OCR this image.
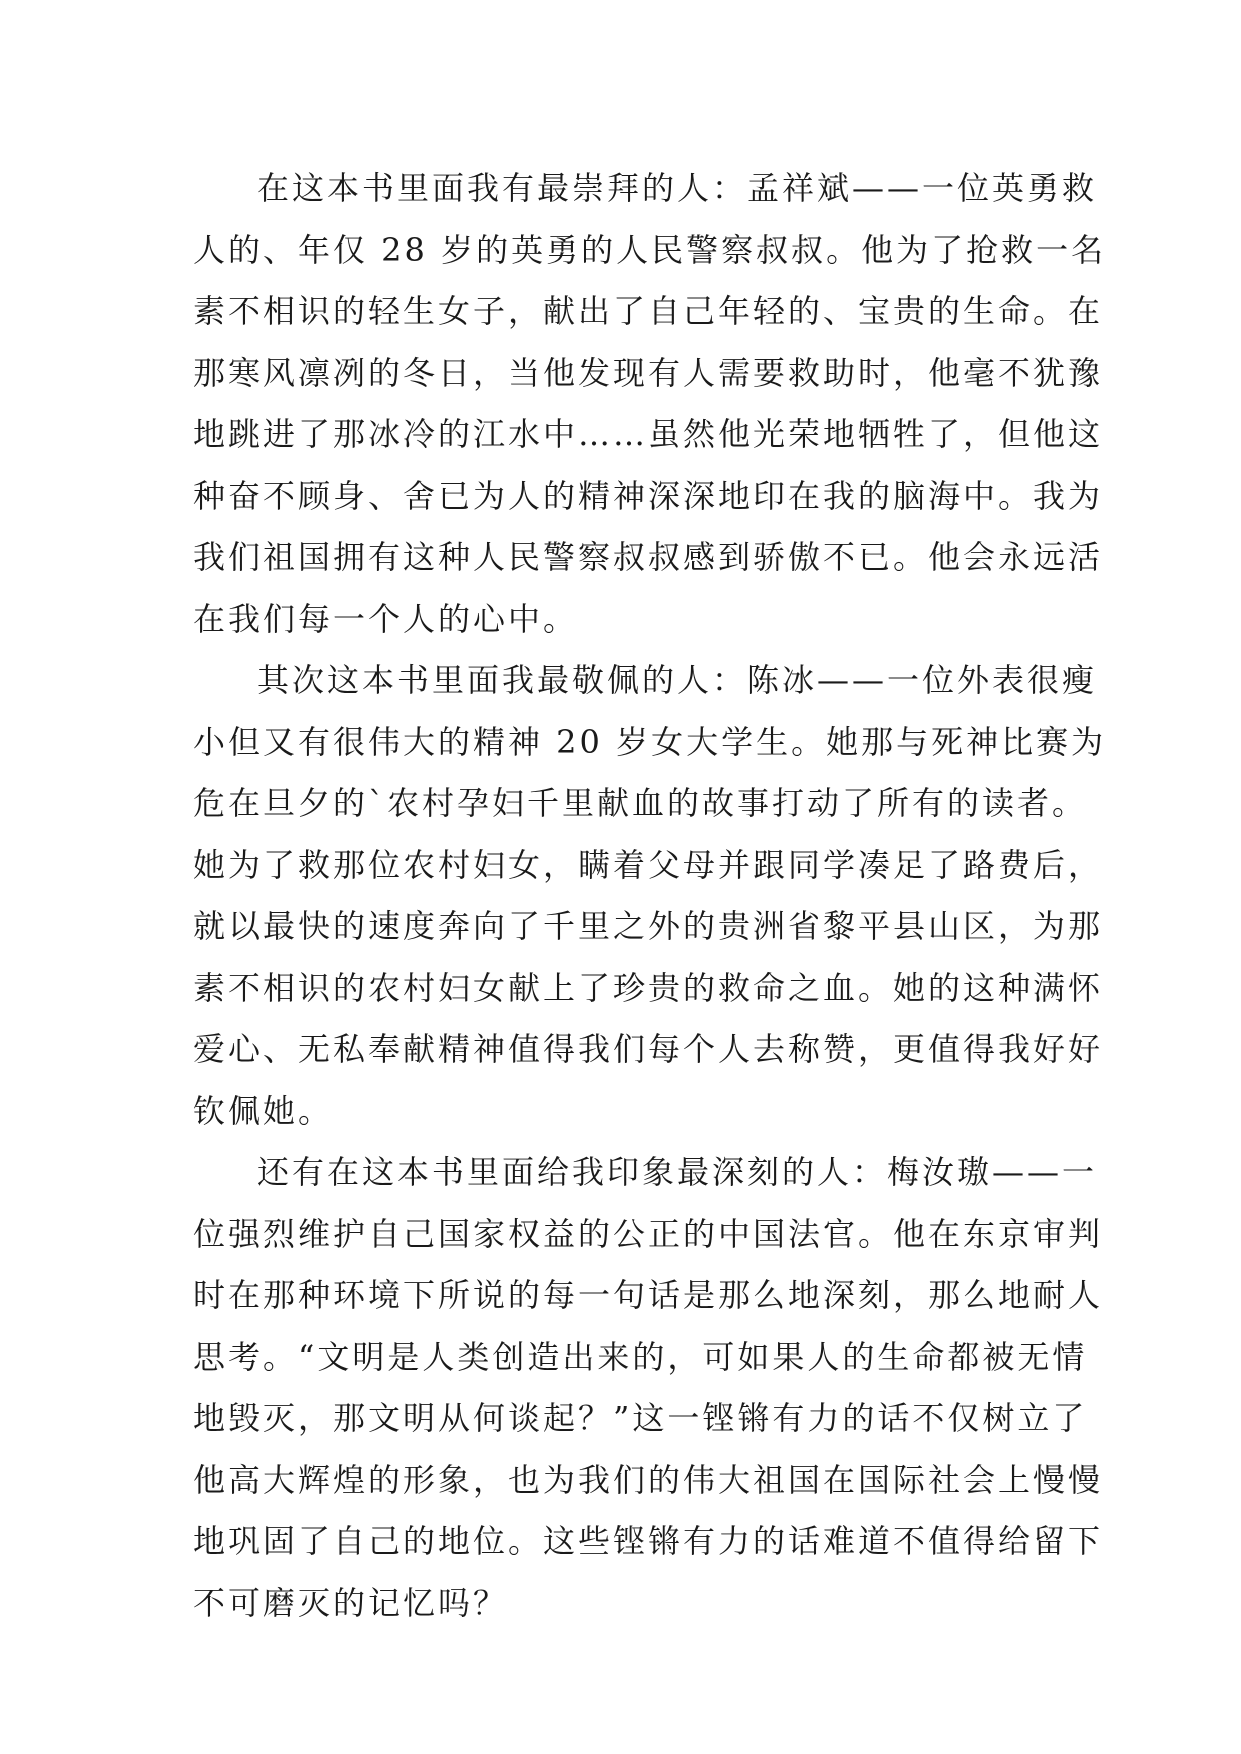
在这本书里面我有最崇拜的人：孟祥斌——一位英勇救
人的、年仅 28 岁的英勇的人民警察叔叔。他为了抢救一名
素不相识的轻生女子，献出了自己年轻的、宝贵的生命。在
那寒风凛冽的冬日，当他发现有人需要救助时，他毫不犹豫
地跳进了那冰冷的江水中……虽然他光荣地牺牲了，但他这
种奋不顾身、舍已为人的精神深深地印在我的脑海中。我为
我们祖国拥有这种人民警察叔叔感到骄傲不已。他会永远活
在我们每一个人的心中。
其次这本书里面我最敬佩的人：陈冰——一位外表很瘦
小但又有很伟大的精神 20 岁女大学生。她那与死神比赛为
危在旦夕的`农村孕妇千里献血的故事打动了所有的读者。
她为了救那位农村妇女，瞒着父母并跟同学凑足了路费后，
就以最快的速度奔向了千里之外的贵洲省黎平县山区，为那
素不相识的农村妇女献上了珍贵的救命之血。她的这种满怀
爱心、无私奉献精神值得我们每个人去称赞，更值得我好好
钦佩她。
还有在这本书里面给我印象最深刻的人：梅汝璈——一
位强烈维护自己国家权益的公正的中国法官。他在东京审判
时在那种环境下所说的每一句话是那么地深刻，那么地耐人
思考。“文明是人类创造出来的，可如果人的生命都被无情
地毁灭，那文明从何谈起？”这一铿锵有力的话不仅树立了
他高大辉煌的形象，也为我们的伟大祖国在国际社会上慢慢
地巩固了自己的地位。这些铿锵有力的话难道不值得给留下
不可磨灭的记忆吗？
